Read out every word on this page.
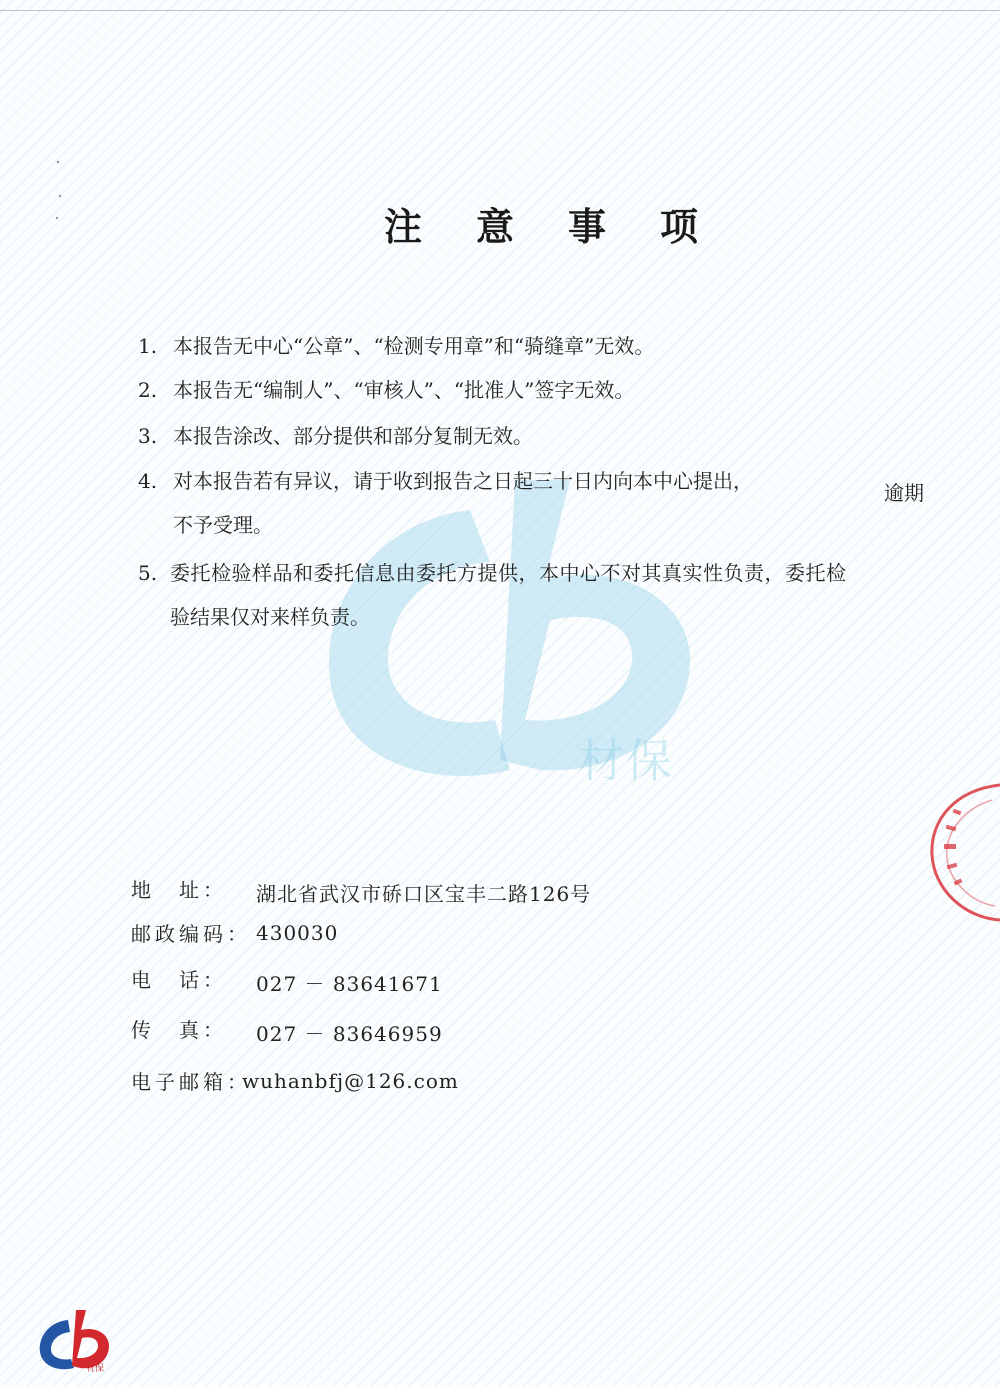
材保
注意事项
1. 本报告无中心“公章”、“检测专用章”和“骑缝章”无效。
2. 本报告无“编制人”、“审核人”、“批准人”签字无效。
3. 本报告涂改、部分提供和部分复制无效。
4. 对本报告若有异议，请于收到报告之日起三十日内向本中心提出，	逾期
不予受理。
5. 委托检验样品和委托信息由委托方提供，本中心不对其真实性负责，委托检
验结果仅对来样负责。
地　址： 湖北省武汉市硚口区宝丰二路126号
邮政编码： 430030
电　话： 027 － 83641671
传　真： 027 － 83646959
电子邮箱：
wuhanbfj@126.com
材保
